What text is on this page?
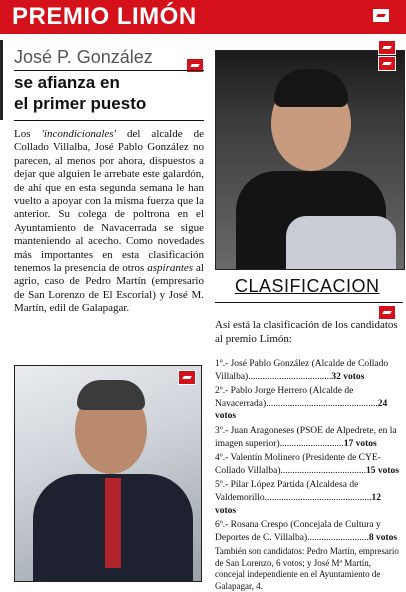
PREMIO LIMÓN
José P. González
se afianza en
el primer puesto
Los 'incondicionales' del alcalde de Collado Villalba, José Pablo González no parecen, al menos por ahora, dispuestos a dejar que alguien le arrebate este galardón, de ahí que en esta segunda semana le han vuelto a apoyar con la misma fuerza que la anterior. Su colega de poltrona en el Ayuntamiento de Navacerrada se sigue manteniendo al acecho. Como novedades más importantes en esta clasificación tenemos la presencia de otros aspirantes al agrio, caso de Pedro Martín (empresario de San Lorenzo de El Escorial) y José M. Martín, edil de Galapagar.
CLASIFICACION
Así está la clasificación de los candidatos al premio Limón:
1º.- José Pablo González (Alcalde de Collado Villalba)...................................32 votos
2º.- Pablo Jorge Herrero (Alcalde de Navacerrada)...............................................24 votos
3º.- Juan Aragoneses (PSOE de Alpedrete, en la imagen superior)...........................17 votos
4º.- Valentín Molinero (Presidente de CYE-Collado Villalba)....................................15 votos
5º.- Pilar López Partida (Alcaldesa de Valdemorillo.............................................12 votos
6º.- Rosana Crespo (Concejala de Cultura y Deportes de C. Villalba)..........................8 votos
También son candidatos: Pedro Martín, empresario de San Lorenzo, 6 votos; y José Mª Martín, concejal independiente en el Ayuntamiento de Galapagar, 4.
